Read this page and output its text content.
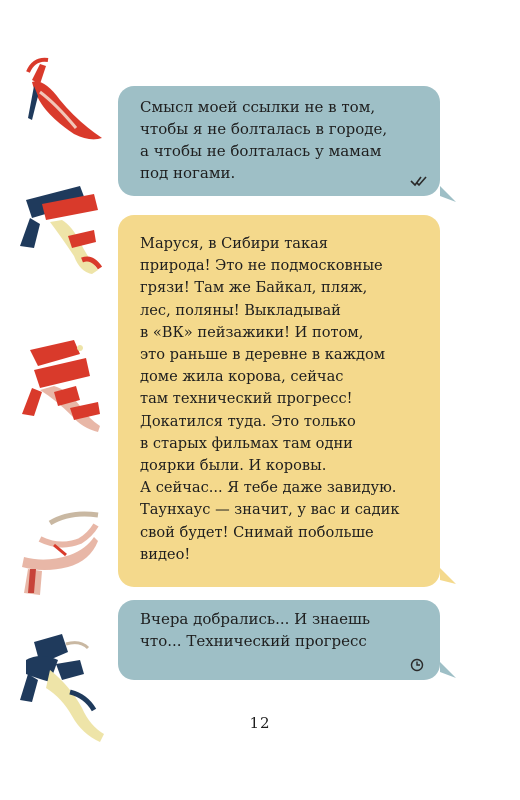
Смысл моей ссылки не в том,
чтобы я не болталась в городе,
а чтобы не болталась у мамам
под ногами.
Маруся, в Сибири такая
природа! Это не подмосковные
грязи! Там же Байкал, пляж,
лес, поляны! Выкладывай
в «ВК» пейзажики! И потом,
это раньше в деревне в каждом
доме жила корова, сейчас
там технический прогресс!
Докатился туда. Это только
в старых фильмах там одни
доярки были. И коровы.
А сейчас... Я тебе даже завидую.
Таунхаус — значит, у вас и садик
свой будет! Снимай побольше
видео!
Вчера добрались... И знаешь
что... Технический прогресс
12
